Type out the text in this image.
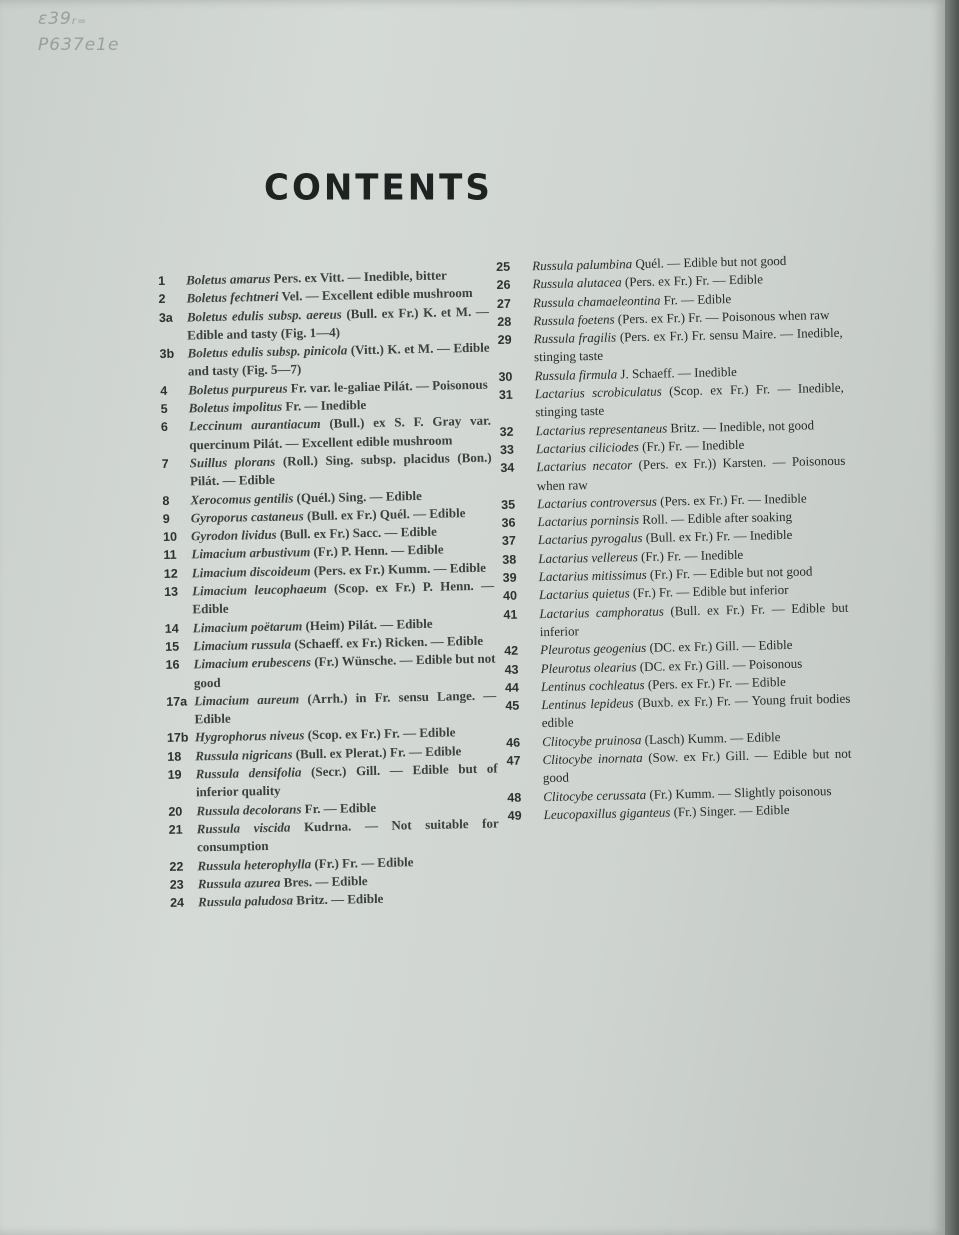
ε39ᵣ₌
P637e1e
CONTENTS
1	Boletus amarus Pers. ex Vitt. — Inedible, bitter
2	Boletus fechtneri Vel. — Excellent edible mushroom
3a	Boletus edulis subsp. aereus (Bull. ex Fr.) K. et M. — Edible and tasty (Fig. 1—4)
3b	Boletus edulis subsp. pinicola (Vitt.) K. et M. — Edible and tasty (Fig. 5—7)
4	Boletus purpureus Fr. var. le-galiae Pilát. — Poisonous
5	Boletus impolitus Fr. — Inedible
6	Leccinum aurantiacum (Bull.) ex S. F. Gray var. quercinum Pilát. — Excellent edible mushroom
7	Suillus plorans (Roll.) Sing. subsp. placidus (Bon.) Pilát. — Edible
8	Xerocomus gentilis (Quél.) Sing. — Edible
9	Gyroporus castaneus (Bull. ex Fr.) Quél. — Edible
10	Gyrodon lividus (Bull. ex Fr.) Sacc. — Edible
11	Limacium arbustivum (Fr.) P. Henn. — Edible
12	Limacium discoideum (Pers. ex Fr.) Kumm. — Edible
13	Limacium leucophaeum (Scop. ex Fr.) P. Henn. — Edible
14	Limacium poëtarum (Heim) Pilát. — Edible
15	Limacium russula (Schaeff. ex Fr.) Ricken. — Edible
16	Limacium erubescens (Fr.) Wünsche. — Edible but not good
17a Limacium aureum (Arrh.) in Fr. sensu Lange. — Edible
17b Hygrophorus niveus (Scop. ex Fr.) Fr. — Edible
18	Russula nigricans (Bull. ex Plerat.) Fr. — Edible
19	Russula densifolia (Secr.) Gill. — Edible but of inferior quality
20	Russula decolorans Fr. — Edible
21	Russula viscida Kudrna. — Not suitable for consumption
22	Russula heterophylla (Fr.) Fr. — Edible
23	Russula azurea Bres. — Edible
24	Russula paludosa Britz. — Edible
25	Russula palumbina Quél. — Edible but not good
26	Russula alutacea (Pers. ex Fr.) Fr. — Edible
27	Russula chamaeleontina Fr. — Edible
28	Russula foetens (Pers. ex Fr.) Fr. — Poisonous when raw
29	Russula fragilis (Pers. ex Fr.) Fr. sensu Maire. — Inedible, stinging taste
30	Russula firmula J. Schaeff. — Inedible
31	Lactarius scrobiculatus (Scop. ex Fr.) Fr. — Inedible, stinging taste
32	Lactarius representaneus Britz. — Inedible, not good
33	Lactarius ciliciodes (Fr.) Fr. — Inedible
34	Lactarius necator (Pers. ex Fr.)) Karsten. — Poisonous when raw
35	Lactarius controversus (Pers. ex Fr.) Fr. — Inedible
36	Lactarius porninsis Roll. — Edible after soaking
37	Lactarius pyrogalus (Bull. ex Fr.) Fr. — Inedible
38	Lactarius vellereus (Fr.) Fr. — Inedible
39	Lactarius mitissimus (Fr.) Fr. — Edible but not good
40	Lactarius quietus (Fr.) Fr. — Edible but inferior
41	Lactarius camphoratus (Bull. ex Fr.) Fr. — Edible but inferior
42	Pleurotus geogenius (DC. ex Fr.) Gill. — Edible
43	Pleurotus olearius (DC. ex Fr.) Gill. — Poisonous
44	Lentinus cochleatus (Pers. ex Fr.) Fr. — Edible
45	Lentinus lepideus (Buxb. ex Fr.) Fr. — Young fruit bodies edible
46	Clitocybe pruinosa (Lasch) Kumm. — Edible
47	Clitocybe inornata (Sow. ex Fr.) Gill. — Edible but not good
48	Clitocybe cerussata (Fr.) Kumm. — Slightly poisonous
49	Leucopaxillus giganteus (Fr.) Singer. — Edible
